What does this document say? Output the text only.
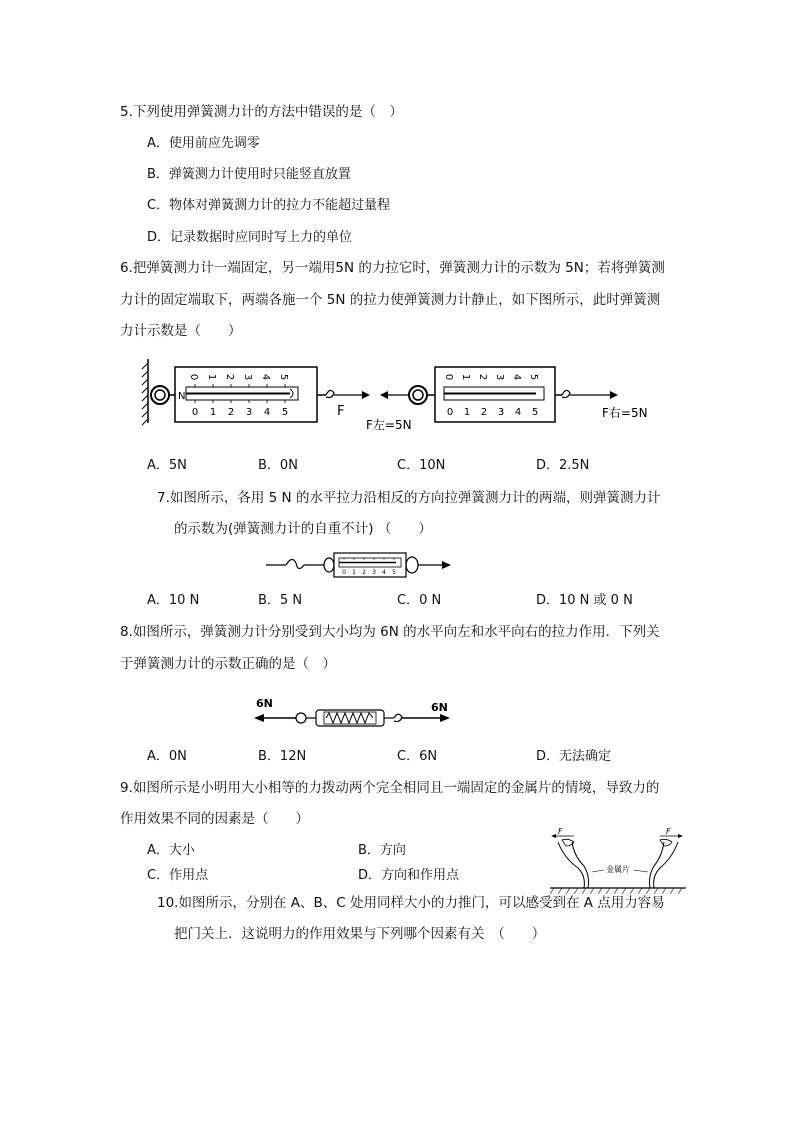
5.下列使用弹簧测力计的方法中错误的是（　）
A．使用前应先调零
B．弹簧测力计使用时只能竖直放置
C．物体对弹簧测力计的拉力不能超过量程
D．记录数据时应同时写上力的单位
6.把弹簧测力计一端固定，另一端用5N 的力拉它时，弹簧测力计的示数为 5N；若将弹簧测
力计的固定端取下，两端各施一个 5N 的拉力使弹簧测力计静止，如下图所示，此时弹簧测
力计示数是（　　）
0 1 2 3 4 5
0 1 2 3 4 5
N
F
0 1 2 3 4 5
0 1 2 3 4 5
F左=5N
F右=5N
A．5N	B．0N	C．10N	D．2.5N
7.如图所示，各用 5 N 的水平拉力沿相反的方向拉弹簧测力计的两端，则弹簧测力计
的示数为(弹簧测力计的自重不计) （　　）
0 1 2 3 4 5
A．10 N	B．5 N	C．0 N	D．10 N 或 0 N
8.如图所示，弹簧测力计分别受到大小均为 6N 的水平向左和水平向右的拉力作用．下列关
于弹簧测力计的示数正确的是（　）
6N	6N
A．0N	B．12N	C．6N	D．无法确定
9.如图所示是小明用大小相等的力拨动两个完全相同且一端固定的金属片的情境，导致力的
作用效果不同的因素是（　　）
F	F
金属片
A．大小	B．方向
C．作用点	D．方向和作用点
10.如图所示，分别在 A、B、C 处用同样大小的力推门，可以感受到在 A 点用力容易
把门关上．这说明力的作用效果与下列哪个因素有关　（　　）
